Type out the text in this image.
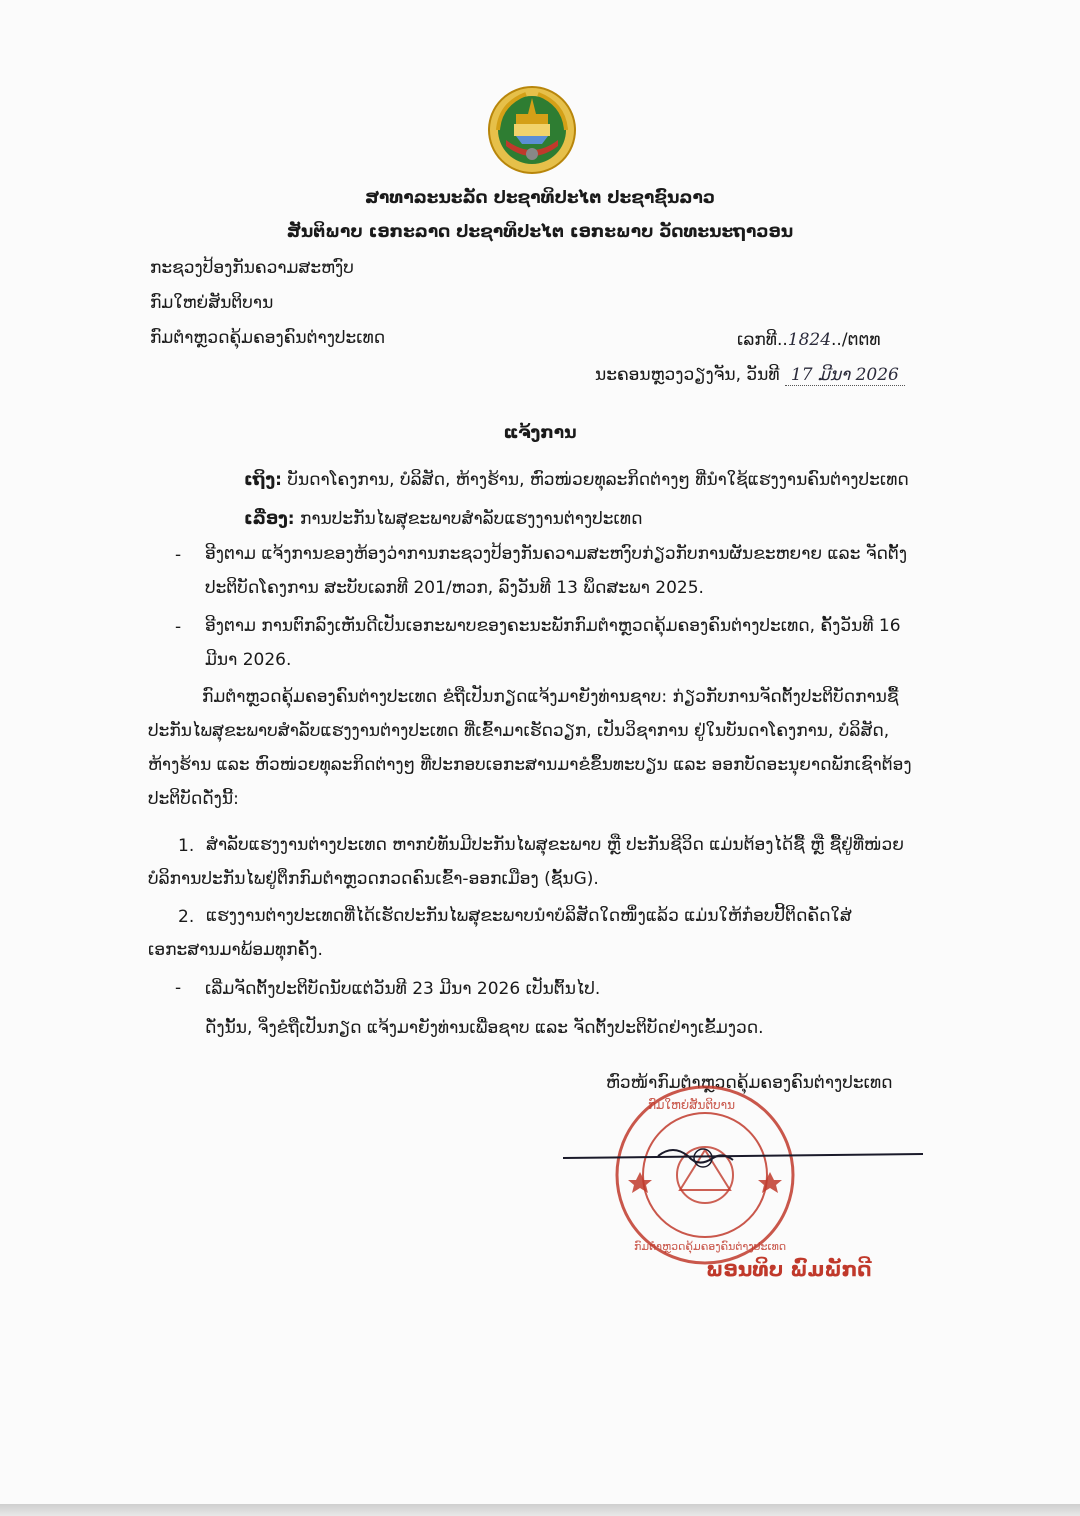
ສາທາລະນະລັດ ປະຊາທິປະໄຕ ປະຊາຊົນລາວ
ສັນຕິພາບ ເອກະລາດ ປະຊາທິປະໄຕ ເອກະພາບ ວັດທະນະຖາວອນ
ກະຊວງປ້ອງກັນຄວາມສະຫງົບ
ກົມໃຫຍ່ສັນຕິບານ
ກົມຕຳຫຼວດຄຸ້ມຄອງຄົນຕ່າງປະເທດ	ເລກທີ..1824../ຕຕທ
ນະຄອນຫຼວງວຽງຈັນ, ວັນທີ 17 ມີນາ 2026
ແຈ້ງການ
ເຖິງ: ບັນດາໂຄງການ, ບໍລິສັດ, ຫ້າງຮ້ານ, ຫົວໜ່ວຍທຸລະກິດຕ່າງໆ ທີ່ນຳໃຊ້ແຮງງານຄົນຕ່າງປະເທດ
ເລື່ອງ: ການປະກັນໄພສຸຂະພາບສຳລັບແຮງງານຕ່າງປະເທດ
- ອີງຕາມ ແຈ້ງການຂອງຫ້ອງວ່າການກະຊວງປ້ອງກັນຄວາມສະຫງົບກ່ຽວກັບການຜັນຂະຫຍາຍ ແລະ ຈັດຕັ້ງປະຕິບັດໂຄງການ ສະບັບເລກທີ 201/ຫວກ, ລົງວັນທີ 13 ພຶດສະພາ 2025.
- ອີງຕາມ ການຕົກລົງເຫັນດີເປັນເອກະພາບຂອງຄະນະພັກກົມຕຳຫຼວດຄຸ້ມຄອງຄົນຕ່າງປະເທດ, ຄັ້ງວັນທີ 16 ມີນາ 2026.
ກົມຕຳຫຼວດຄຸ້ມຄອງຄົນຕ່າງປະເທດ ຂໍຖືເປັນກຽດແຈ້ງມາຍັງທ່ານຊາບ: ກ່ຽວກັບການຈັດຕັ້ງປະຕິບັດການຊື້ປະກັນໄພສຸຂະພາບສຳລັບແຮງງານຕ່າງປະເທດ ທີ່ເຂົ້າມາເຮັດວຽກ, ເປັນວິຊາການ ຢູ່ໃນບັນດາໂຄງການ, ບໍລິສັດ, ຫ້າງຮ້ານ ແລະ ຫົວໜ່ວຍທຸລະກິດຕ່າງໆ ທີ່ປະກອບເອກະສານມາຂໍຂຶ້ນທະບຽນ ແລະ ອອກບັດອະນຸຍາດພັກເຊົາຕ້ອງປະຕິບັດດັ່ງນີ້:
1. ສຳລັບແຮງງານຕ່າງປະເທດ ຫາກບໍ່ທັນມີປະກັນໄພສຸຂະພາບ ຫຼື ປະກັນຊີວິດ ແມ່ນຕ້ອງໄດ້ຊື້ ຫຼື ຊື້ຢູ່ທີ່ໜ່ວຍບໍລິການປະກັນໄພຢູ່ຕຶກກົມຕຳຫຼວດກວດຄົນເຂົ້າ-ອອກເມືອງ (ຊັ້ນG).
2. ແຮງງານຕ່າງປະເທດທີ່ໄດ້ເຮັດປະກັນໄພສຸຂະພາບນຳບໍລິສັດໃດໜຶ່ງແລ້ວ ແມ່ນໃຫ້ກ໋ອບປີ້ຕິດຄັດໃສ່ເອກະສານມາພ້ອມທຸກຄັ້ງ.
- ເລີ່ມຈັດຕັ້ງປະຕິບັດນັບແຕ່ວັນທີ 23 ມີນາ 2026 ເປັນຕົ້ນໄປ.
ດັ່ງນັ້ນ, ຈິ່ງຂໍຖືເປັນກຽດ ແຈ້ງມາຍັງທ່ານເພື່ອຊາບ ແລະ ຈັດຕັ້ງປະຕິບັດຢ່າງເຂັ້ມງວດ.
ຫົວໜ້າກົມຕຳຫຼວດຄຸ້ມຄອງຄົນຕ່າງປະເທດ
ກົມໃຫຍ່ສັນຕິບານ
ກົມຕຳຫຼວດຄຸ້ມຄອງຄົນຕ່າງປະເທດ
ພອນທິບ ພົມພັກດີ
